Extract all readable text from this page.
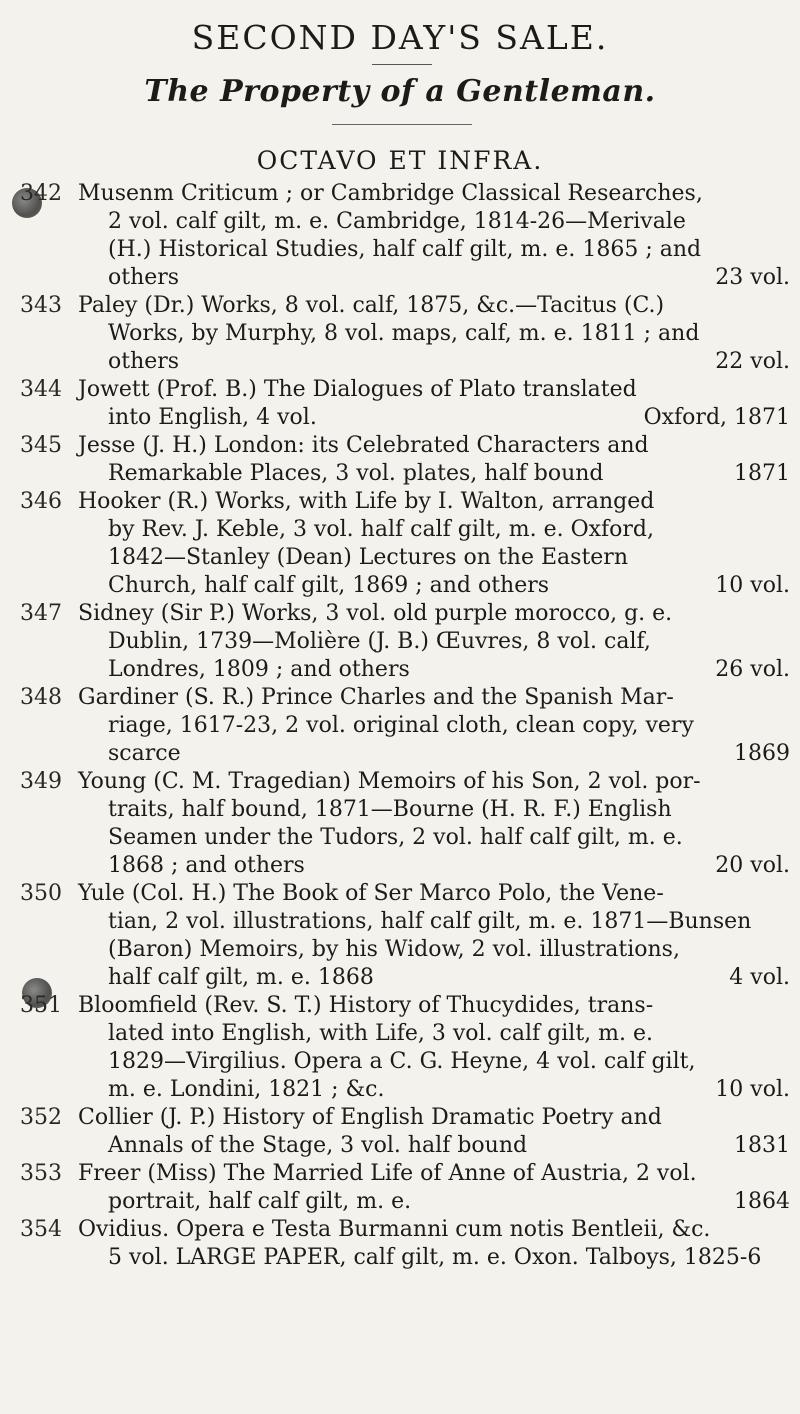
SECOND DAY'S SALE.
The Property of a Gentleman.
OCTAVO ET INFRA.
342 Musenm Criticum ; or Cambridge Classical Researches,
2 vol. calf gilt, m. e. Cambridge, 1814-26—Merivale
(H.) Historical Studies, half calf gilt, m. e. 1865 ; and
others	23 vol.
343 Paley (Dr.) Works, 8 vol. calf, 1875, &c.—Tacitus (C.)
Works, by Murphy, 8 vol. maps, calf, m. e. 1811 ; and
others	22 vol.
344 Jowett (Prof. B.) The Dialogues of Plato translated
into English, 4 vol.	Oxford, 1871
345 Jesse (J. H.) London: its Celebrated Characters and
Remarkable Places, 3 vol. plates, half bound	1871
346 Hooker (R.) Works, with Life by I. Walton, arranged
by Rev. J. Keble, 3 vol. half calf gilt, m. e. Oxford,
1842—Stanley (Dean) Lectures on the Eastern
Church, half calf gilt, 1869 ; and others	10 vol.
347 Sidney (Sir P.) Works, 3 vol. old purple morocco, g. e.
Dublin, 1739—Molière (J. B.) Œuvres, 8 vol. calf,
Londres, 1809 ; and others	26 vol.
348 Gardiner (S. R.) Prince Charles and the Spanish Mar-
riage, 1617-23, 2 vol. original cloth, clean copy, very
scarce	1869
349 Young (C. M. Tragedian) Memoirs of his Son, 2 vol. por-
traits, half bound, 1871—Bourne (H. R. F.) English
Seamen under the Tudors, 2 vol. half calf gilt, m. e.
1868 ; and others	20 vol.
350 Yule (Col. H.) The Book of Ser Marco Polo, the Vene-
tian, 2 vol. illustrations, half calf gilt, m. e. 1871—Bunsen
(Baron) Memoirs, by his Widow, 2 vol. illustrations,
half calf gilt, m. e. 1868	4 vol.
351 Bloomfield (Rev. S. T.) History of Thucydides, trans-
lated into English, with Life, 3 vol. calf gilt, m. e.
1829—Virgilius. Opera a C. G. Heyne, 4 vol. calf gilt,
m. e. Londini, 1821 ; &c.	10 vol.
352 Collier (J. P.) History of English Dramatic Poetry and
Annals of the Stage, 3 vol. half bound	1831
353 Freer (Miss) The Married Life of Anne of Austria, 2 vol.
portrait, half calf gilt, m. e.	1864
354 Ovidius. Opera e Testa Burmanni cum notis Bentleii, &c.
5 vol. LARGE PAPER, calf gilt, m. e. Oxon. Talboys, 1825-6
